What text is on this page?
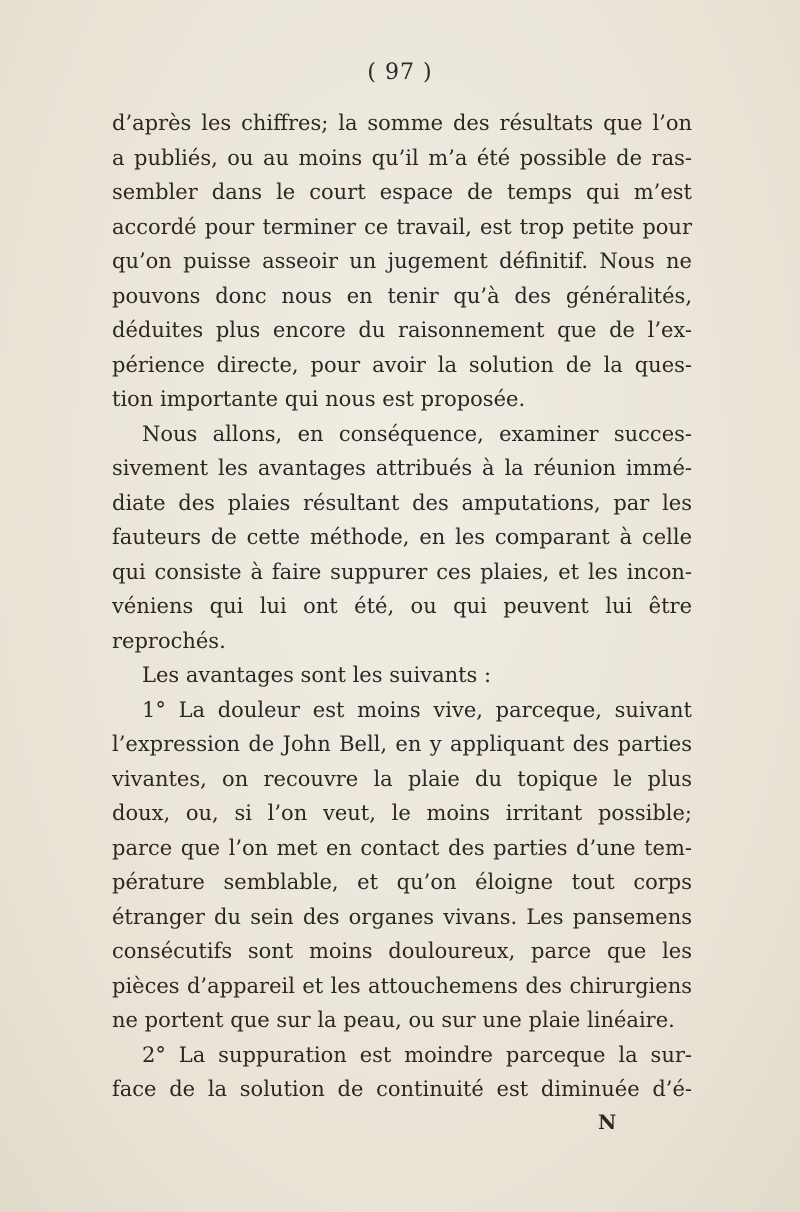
( 97 )
d’après les chiffres; la somme des résultats que l’on
a publiés, ou au moins qu’il m’a été possible de ras-
sembler dans le court espace de temps qui m’est
accordé pour terminer ce travail, est trop petite pour
qu’on puisse asseoir un jugement définitif. Nous ne
pouvons donc nous en tenir qu’à des généralités,
déduites plus encore du raisonnement que de l’ex-
périence directe, pour avoir la solution de la ques-
tion importante qui nous est proposée.
Nous allons, en conséquence, examiner succes-
sivement les avantages attribués à la réunion immé-
diate des plaies résultant des amputations, par les
fauteurs de cette méthode, en les comparant à celle
qui consiste à faire suppurer ces plaies, et les incon-
véniens qui lui ont été, ou qui peuvent lui être
reprochés.
Les avantages sont les suivants :
1° La douleur est moins vive, parceque, suivant
l’expression de John Bell, en y appliquant des parties
vivantes, on recouvre la plaie du topique le plus
doux, ou, si l’on veut, le moins irritant possible;
parce que l’on met en contact des parties d’une tem-
pérature semblable, et qu’on éloigne tout corps
étranger du sein des organes vivans. Les pansemens
consécutifs sont moins douloureux, parce que les
pièces d’appareil et les attouchemens des chirurgiens
ne portent que sur la peau, ou sur une plaie linéaire.
2° La suppuration est moindre parceque la sur-
face de la solution de continuité est diminuée d’é-
N
